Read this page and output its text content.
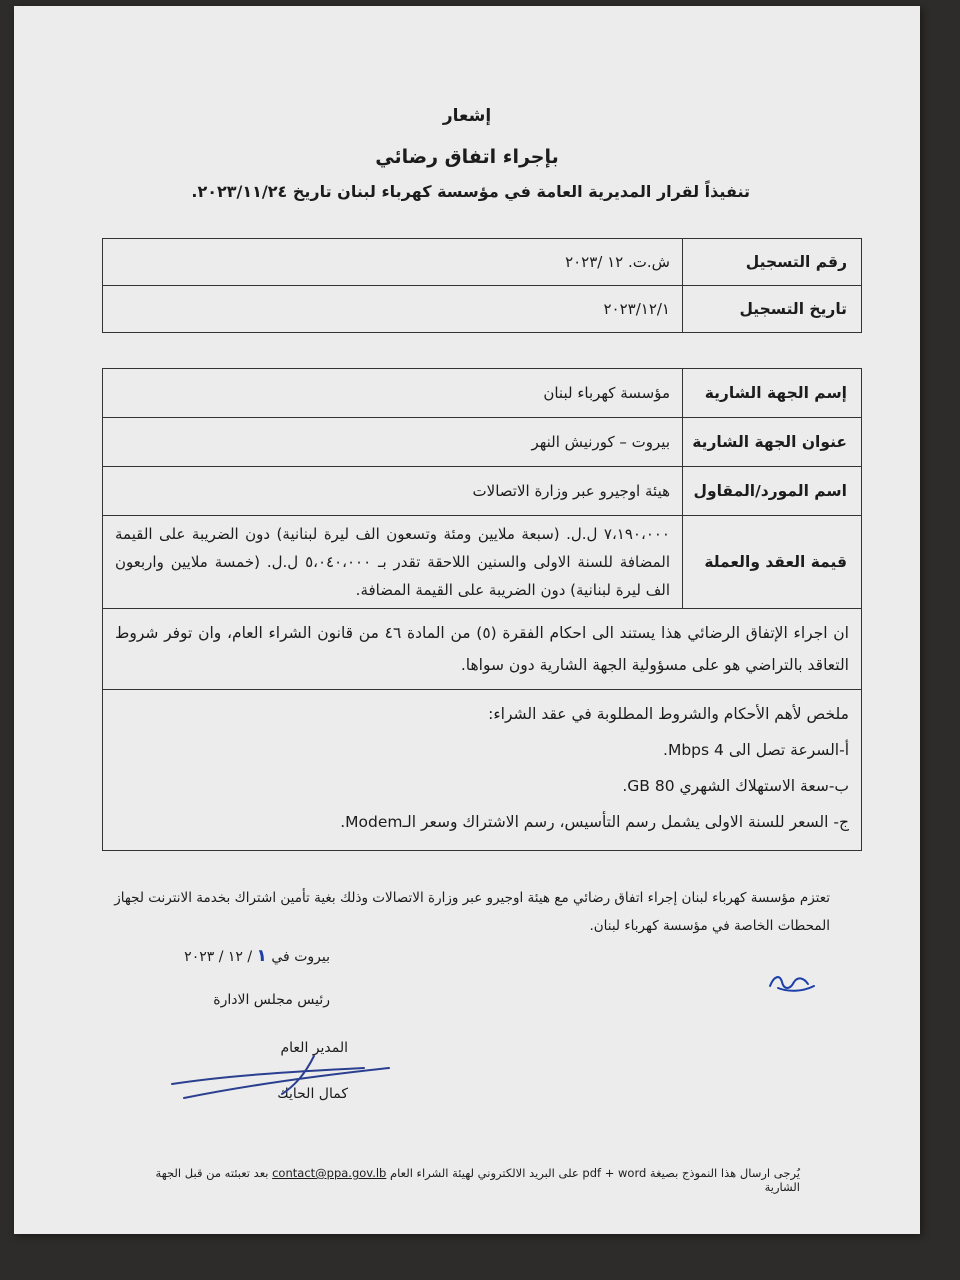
إشعار
بإجراء اتفاق رضائي
تنفيذاً لقرار المديرية العامة في مؤسسة كهرباء لبنان تاريخ ٢٠٢٣/١١/٢٤.
رقم التسجيل	ش.ت. ١٢ /٢٠٢٣
تاريخ التسجيل	٢٠٢٣/١٢/١
إسم الجهة الشارية	مؤسسة كهرباء لبنان
عنوان الجهة الشارية	بيروت – كورنيش النهر
اسم المورد/المقاول	هيئة اوجيرو عبر وزارة الاتصالات
قيمة العقد والعملة	٧،١٩٠،٠٠٠ ل.ل. (سبعة ملايين ومئة وتسعون الف ليرة لبنانية) دون الضريبة على القيمة المضافة للسنة الاولى والسنين اللاحقة تقدر بـ ٥،٠٤٠،٠٠٠ ل.ل. (خمسة ملايين واربعون الف ليرة لبنانية) دون الضريبة على القيمة المضافة.
ان اجراء الإتفاق الرضائي هذا يستند الى احكام الفقرة (٥) من المادة ٤٦ من قانون الشراء العام، وان توفر شروط التعاقد بالتراضي هو على مسؤولية الجهة الشارية دون سواها.	

ملخص لأهم الأحكام والشروط المطلوبة في عقد الشراء:
أ-السرعة تصل الى 4 Mbps.
ب-سعة الاستهلاك الشهري 80 GB.
ج- السعر للسنة الاولى يشمل رسم التأسيس، رسم الاشتراك وسعر الـModem.	
تعتزم مؤسسة كهرباء لبنان إجراء اتفاق رضائي مع هيئة اوجيرو عبر وزارة الاتصالات وذلك بغية تأمين اشتراك بخدمة الانترنت لجهاز المحطات الخاصة في مؤسسة كهرباء لبنان.
بيروت في ١ / ١٢ / ٢٠٢٣
رئيس مجلس الادارة
المدير العام
كمال الحايك
يُرجى ارسال هذا النموذج بصيغة pdf + word على البريد الالكتروني لهيئة الشراء العام contact@ppa.gov.lb بعد تعبئته من قبل الجهة الشارية
